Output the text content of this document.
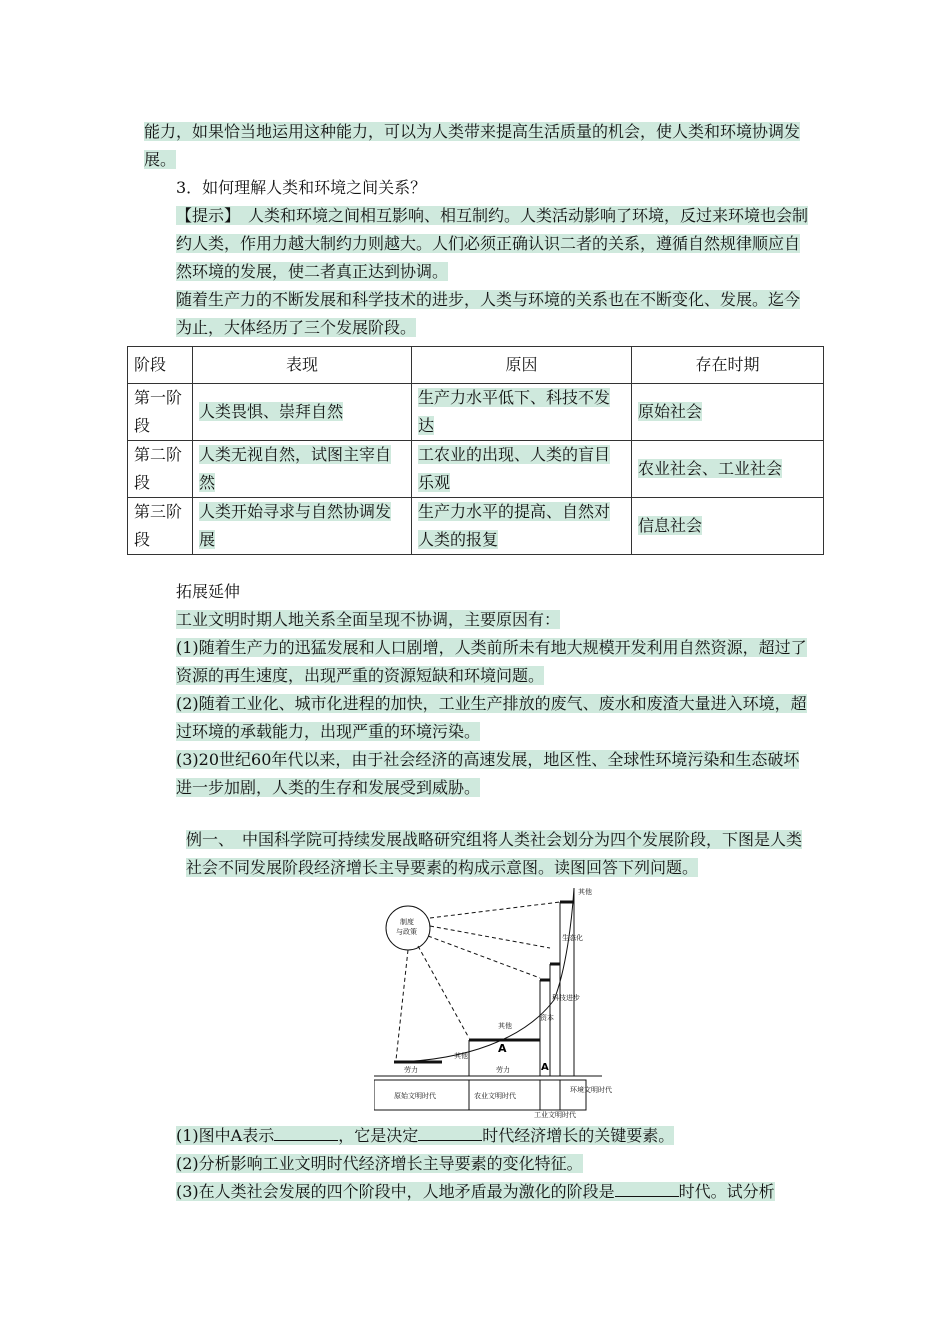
能力，如果恰当地运用这种能力，可以为人类带来提高生活质量的机会，使人类和环境协调发展。

3．如何理解人类和环境之间关系？

【提示】　人类和环境之间相互影响、相互制约。人类活动影响了环境，反过来环境也会制约人类，作用力越大制约力则越大。人们必须正确认识二者的关系，遵循自然规律顺应自然环境的发展，使二者真正达到协调。

随着生产力的不断发展和科学技术的进步，人类与环境的关系也在不断变化、发展。迄今为止，大体经历了三个发展阶段。

阶段	表现	原因	存在时期
第一阶段	人类畏惧、崇拜自然	生产力水平低下、科技不发达	原始社会
第二阶段	人类无视自然，试图主宰自然	工农业的出现、人类的盲目乐观	农业社会、工业社会
第三阶段	人类开始寻求与自然协调发展	生产力水平的提高、自然对人类的报复	信息社会

拓展延伸

工业文明时期人地关系全面呈现不协调，主要原因有：

(1)随着生产力的迅猛发展和人口剧增，人类前所未有地大规模开发利用自然资源，超过了资源的再生速度，出现严重的资源短缺和环境问题。

(2)随着工业化、城市化进程的加快，工业生产排放的废气、废水和废渣大量进入环境，超过环境的承载能力，出现严重的环境污染。

(3)20世纪60年代以来，由于社会经济的高速发展，地区性、全球性环境污染和生态破坏进一步加剧，人类的生存和发展受到威胁。

例一、　中国科学院可持续发展战略研究组将人类社会划分为四个发展阶段，下图是人类社会不同发展阶段经济增长主导要素的构成示意图。读图回答下列问题。

制度
与政策
其他
其他
其他
劳力	劳力
资本
科技进步
生态化
原始文明时代	农业文明时代
工业文明时代
环境文明时代
A
A

(1)图中A表示	，它是决定	时代经济增长的关键要素。

(2)分析影响工业文明时代经济增长主导要素的变化特征。

(3)在人类社会发展的四个阶段中，人地矛盾最为激化的阶段是	时代。试分析
